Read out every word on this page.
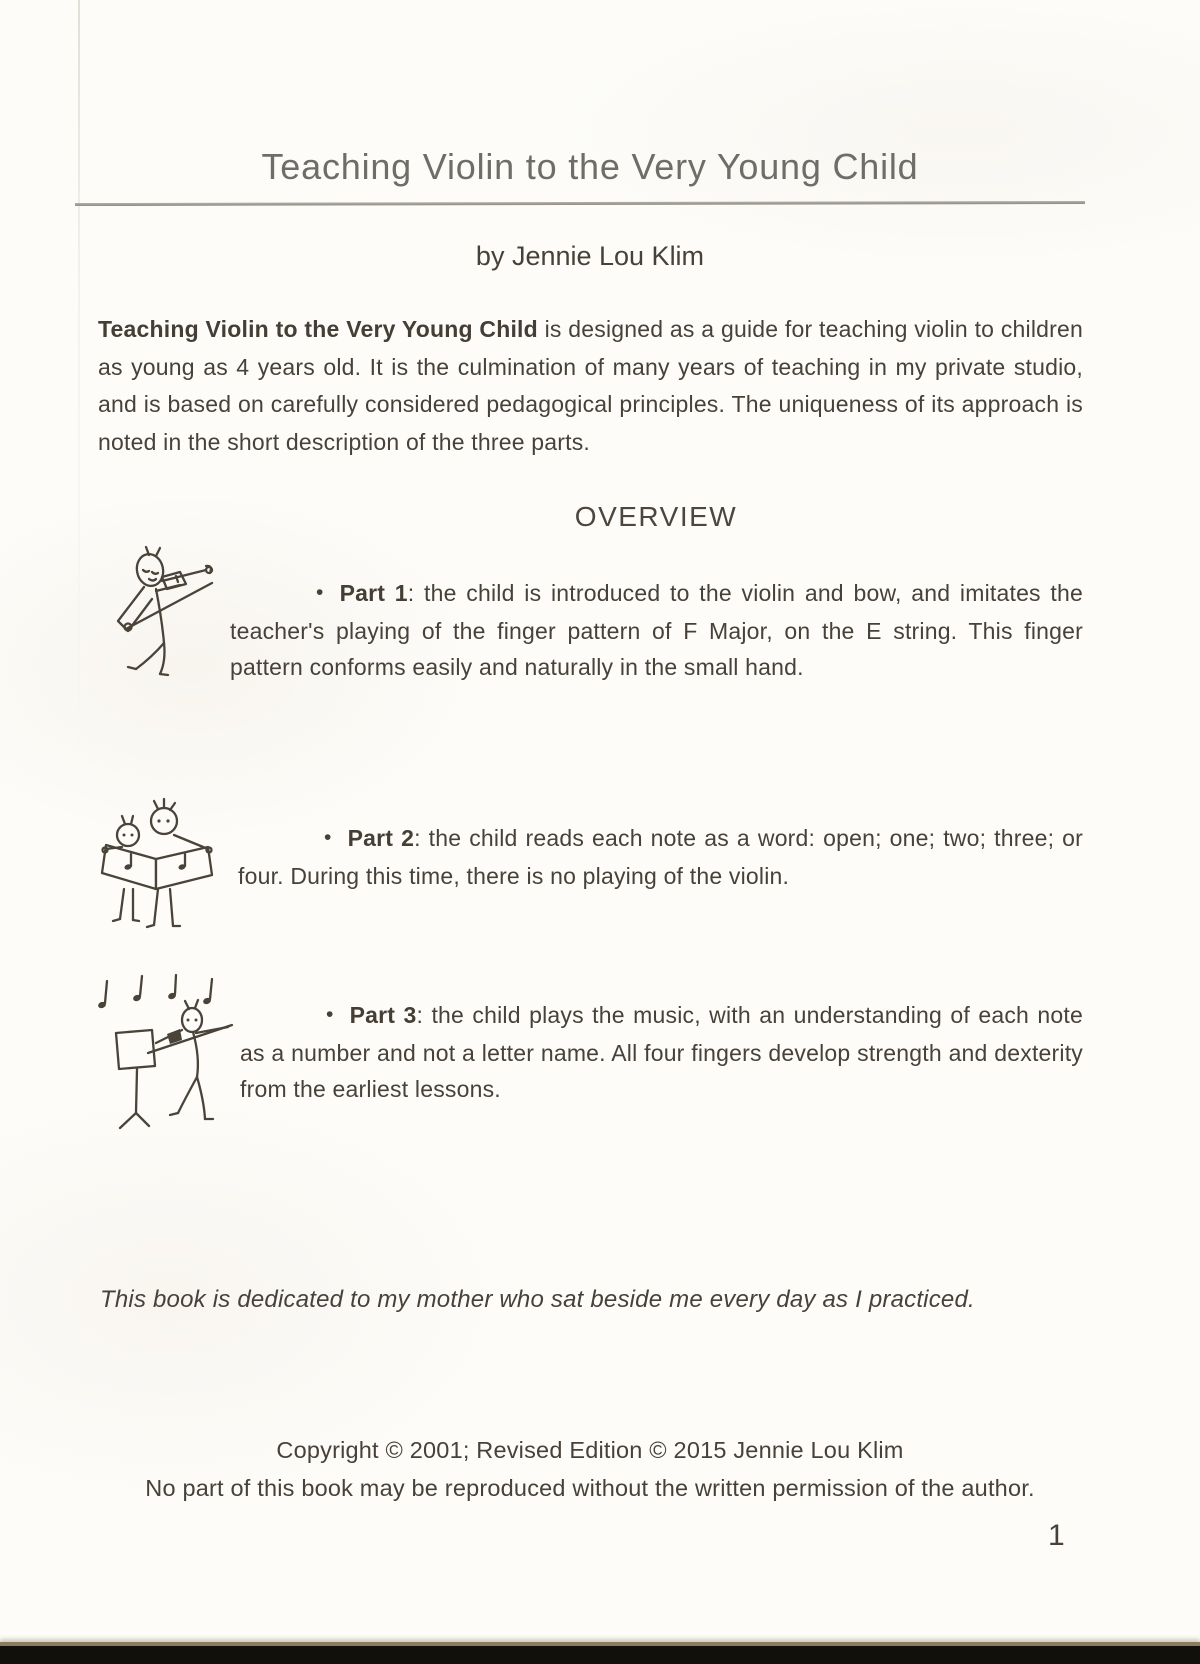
Teaching Violin to the Very Young Child
by Jennie Lou Klim

Teaching Violin to the Very Young Child is designed as a guide for teaching violin to children as young as 4 years old. It is the culmination of many years of teaching in my private studio, and is based on carefully considered pedagogical principles. The uniqueness of its approach is noted in the short description of the three parts.

OVERVIEW

• Part 1: the child is introduced to the violin and bow, and imitates the teacher's playing of the finger pattern of F Major, on the E string. This finger pattern conforms easily and naturally in the small hand.

• Part 2: the child reads each note as a word: open; one; two; three; or four. During this time, there is no playing of the violin.

• Part 3: the child plays the music, with an understanding of each note as a number and not a letter name. All four fingers develop strength and dexterity from the earliest lessons.

This book is dedicated to my mother who sat beside me every day as I practiced.
Copyright © 2001; Revised Edition © 2015 Jennie Lou Klim
No part of this book may be reproduced without the written permission of the author.
1
